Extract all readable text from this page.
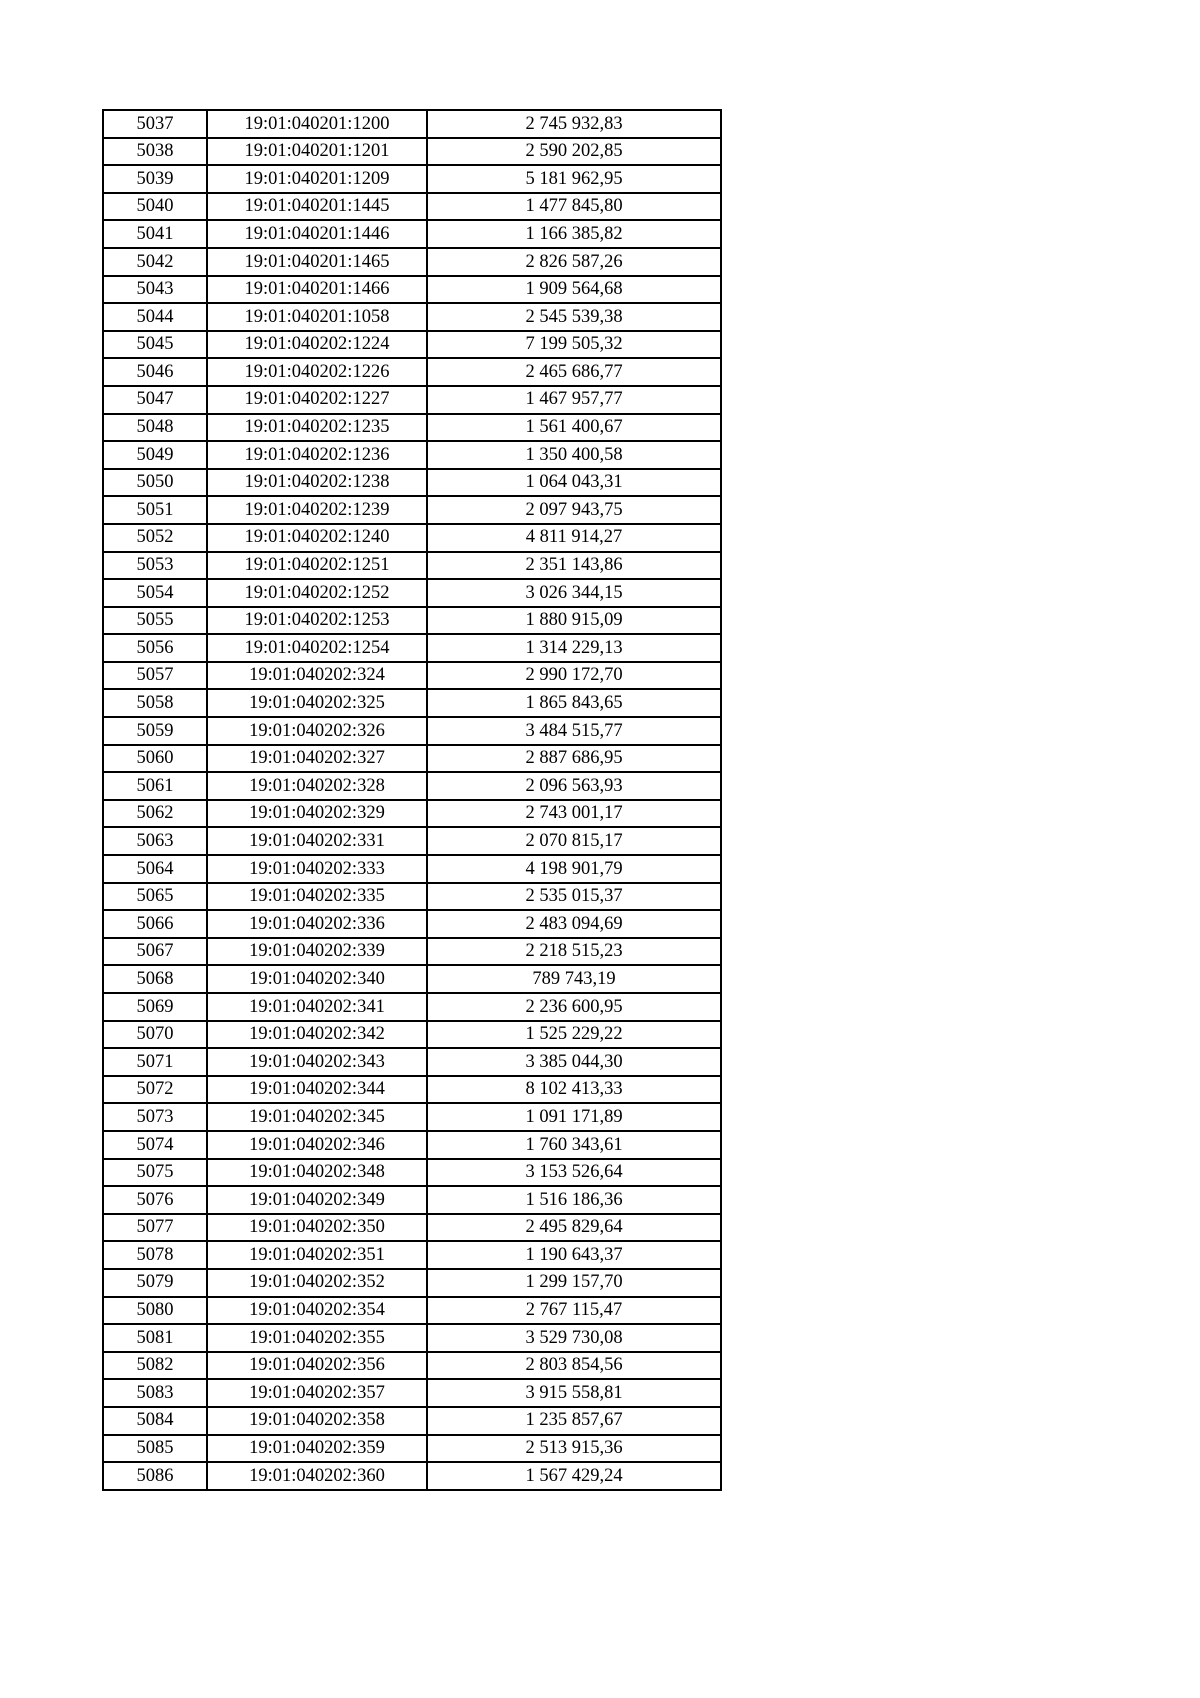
5037	19:01:040201:1200	2 745 932,83
5038	19:01:040201:1201	2 590 202,85
5039	19:01:040201:1209	5 181 962,95
5040	19:01:040201:1445	1 477 845,80
5041	19:01:040201:1446	1 166 385,82
5042	19:01:040201:1465	2 826 587,26
5043	19:01:040201:1466	1 909 564,68
5044	19:01:040201:1058	2 545 539,38
5045	19:01:040202:1224	7 199 505,32
5046	19:01:040202:1226	2 465 686,77
5047	19:01:040202:1227	1 467 957,77
5048	19:01:040202:1235	1 561 400,67
5049	19:01:040202:1236	1 350 400,58
5050	19:01:040202:1238	1 064 043,31
5051	19:01:040202:1239	2 097 943,75
5052	19:01:040202:1240	4 811 914,27
5053	19:01:040202:1251	2 351 143,86
5054	19:01:040202:1252	3 026 344,15
5055	19:01:040202:1253	1 880 915,09
5056	19:01:040202:1254	1 314 229,13
5057	19:01:040202:324	2 990 172,70
5058	19:01:040202:325	1 865 843,65
5059	19:01:040202:326	3 484 515,77
5060	19:01:040202:327	2 887 686,95
5061	19:01:040202:328	2 096 563,93
5062	19:01:040202:329	2 743 001,17
5063	19:01:040202:331	2 070 815,17
5064	19:01:040202:333	4 198 901,79
5065	19:01:040202:335	2 535 015,37
5066	19:01:040202:336	2 483 094,69
5067	19:01:040202:339	2 218 515,23
5068	19:01:040202:340	789 743,19
5069	19:01:040202:341	2 236 600,95
5070	19:01:040202:342	1 525 229,22
5071	19:01:040202:343	3 385 044,30
5072	19:01:040202:344	8 102 413,33
5073	19:01:040202:345	1 091 171,89
5074	19:01:040202:346	1 760 343,61
5075	19:01:040202:348	3 153 526,64
5076	19:01:040202:349	1 516 186,36
5077	19:01:040202:350	2 495 829,64
5078	19:01:040202:351	1 190 643,37
5079	19:01:040202:352	1 299 157,70
5080	19:01:040202:354	2 767 115,47
5081	19:01:040202:355	3 529 730,08
5082	19:01:040202:356	2 803 854,56
5083	19:01:040202:357	3 915 558,81
5084	19:01:040202:358	1 235 857,67
5085	19:01:040202:359	2 513 915,36
5086	19:01:040202:360	1 567 429,24
